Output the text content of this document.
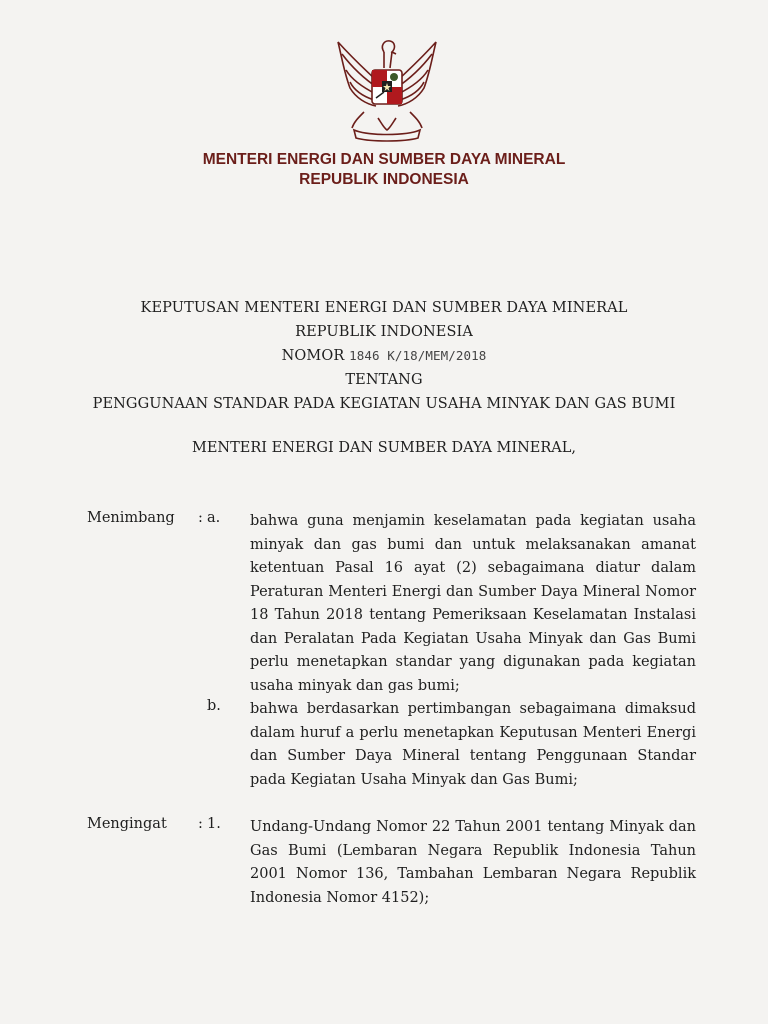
MENTERI ENERGI DAN SUMBER DAYA MINERAL
REPUBLIK INDONESIA
KEPUTUSAN MENTERI ENERGI DAN SUMBER DAYA MINERAL
REPUBLIK INDONESIA
NOMOR 1846 K/18/MEM/2018
TENTANG
PENGGUNAAN STANDAR PADA KEGIATAN USAHA MINYAK DAN GAS BUMI
MENTERI ENERGI DAN SUMBER DAYA MINERAL,
Menimbang : a. bahwa guna menjamin keselamatan pada kegiatan usaha minyak dan gas bumi dan untuk melaksanakan amanat ketentuan Pasal 16 ayat (2) sebagaimana diatur dalam Peraturan Menteri Energi dan Sumber Daya Mineral Nomor 18 Tahun 2018 tentang Pemeriksaan Keselamatan Instalasi dan Peralatan Pada Kegiatan Usaha Minyak dan Gas Bumi perlu menetapkan standar yang digunakan pada kegiatan usaha minyak dan gas bumi;
b. bahwa berdasarkan pertimbangan sebagaimana dimaksud dalam huruf a perlu menetapkan Keputusan Menteri Energi dan Sumber Daya Mineral tentang Penggunaan Standar pada Kegiatan Usaha Minyak dan Gas Bumi;
Mengingat : 1. Undang-Undang Nomor 22 Tahun 2001 tentang Minyak dan Gas Bumi (Lembaran Negara Republik Indonesia Tahun 2001 Nomor 136, Tambahan Lembaran Negara Republik Indonesia Nomor 4152);
